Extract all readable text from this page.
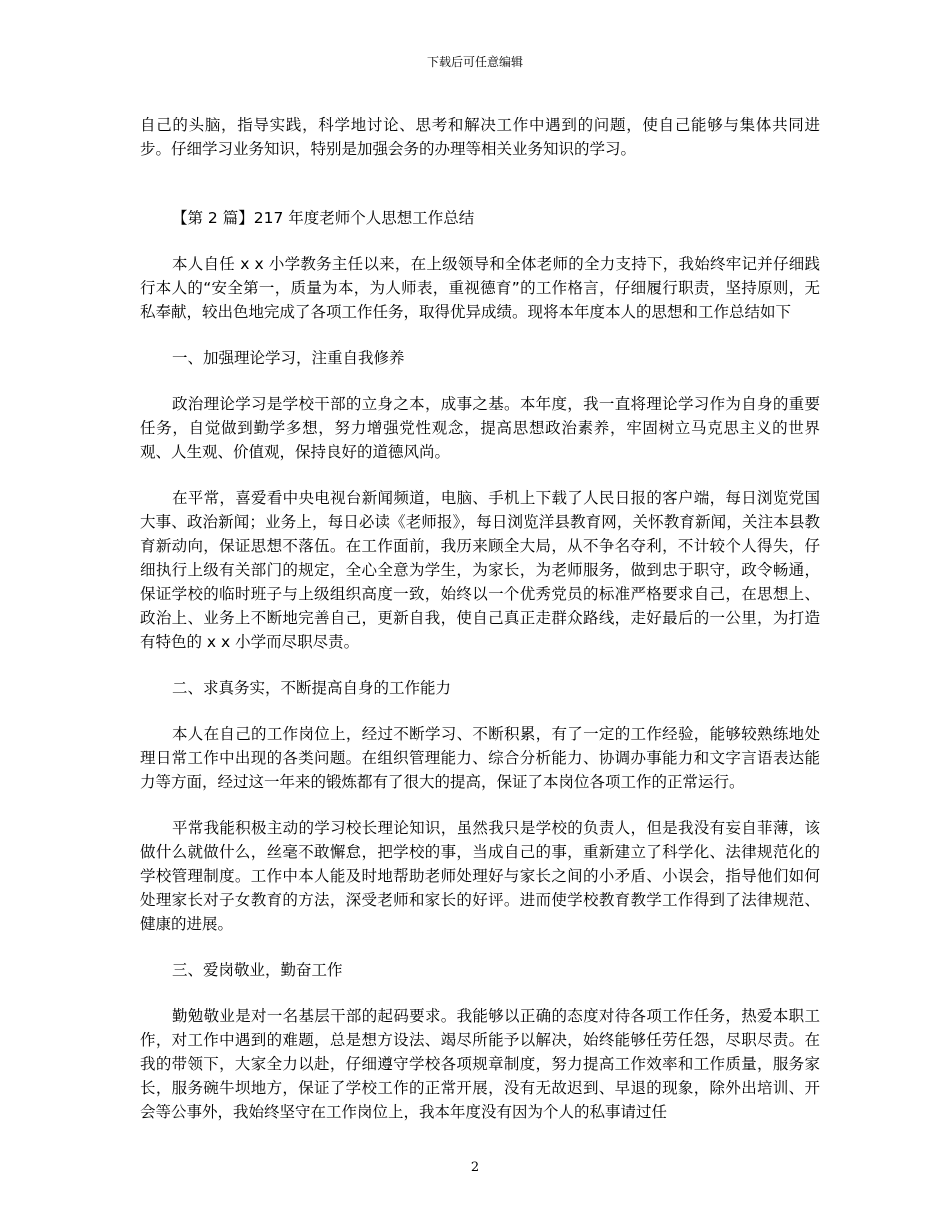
下载后可任意编辑

自己的头脑，指导实践，科学地讨论、思考和解决工作中遇到的问题，使自己能够与集体共同进步。仔细学习业务知识，特别是加强会务的办理等相关业务知识的学习。

【第 2 篇】217 年度老师个人思想工作总结

本人自任 x x 小学教务主任以来，在上级领导和全体老师的全力支持下，我始终牢记并仔细践行本人的“安全第一，质量为本，为人师表，重视德育”的工作格言，仔细履行职责，坚持原则，无私奉献，较出色地完成了各项工作任务，取得优异成绩。现将本年度本人的思想和工作总结如下

一、加强理论学习，注重自我修养

政治理论学习是学校干部的立身之本，成事之基。本年度，我一直将理论学习作为自身的重要任务，自觉做到勤学多想，努力增强党性观念，提高思想政治素养，牢固树立马克思主义的世界观、人生观、价值观，保持良好的道德风尚。

在平常，喜爱看中央电视台新闻频道，电脑、手机上下载了人民日报的客户端，每日浏览党国大事、政治新闻；业务上，每日必读《老师报》，每日浏览洋县教育网，关怀教育新闻，关注本县教育新动向，保证思想不落伍。在工作面前，我历来顾全大局，从不争名夺利，不计较个人得失，仔细执行上级有关部门的规定，全心全意为学生，为家长，为老师服务，做到忠于职守，政令畅通，保证学校的临时班子与上级组织高度一致，始终以一个优秀党员的标准严格要求自己，在思想上、政治上、业务上不断地完善自己，更新自我，使自己真正走群众路线，走好最后的一公里，为打造有特色的 x x 小学而尽职尽责。

二、求真务实，不断提高自身的工作能力

本人在自己的工作岗位上，经过不断学习、不断积累，有了一定的工作经验，能够较熟练地处理日常工作中出现的各类问题。在组织管理能力、综合分析能力、协调办事能力和文字言语表达能力等方面，经过这一年来的锻炼都有了很大的提高，保证了本岗位各项工作的正常运行。

平常我能积极主动的学习校长理论知识，虽然我只是学校的负责人，但是我没有妄自菲薄，该做什么就做什么，丝毫不敢懈怠，把学校的事，当成自己的事，重新建立了科学化、法律规范化的学校管理制度。工作中本人能及时地帮助老师处理好与家长之间的小矛盾、小误会，指导他们如何处理家长对子女教育的方法，深受老师和家长的好评。进而使学校教育教学工作得到了法律规范、健康的进展。

三、爱岗敬业，勤奋工作

勤勉敬业是对一名基层干部的起码要求。我能够以正确的态度对待各项工作任务，热爱本职工作，对工作中遇到的难题，总是想方设法、竭尽所能予以解决，始终能够任劳任怨，尽职尽责。在我的带领下，大家全力以赴，仔细遵守学校各项规章制度，努力提高工作效率和工作质量，服务家长，服务碗牛坝地方，保证了学校工作的正常开展，没有无故迟到、早退的现象，除外出培训、开会等公事外，我始终坚守在工作岗位上，我本年度没有因为个人的私事请过任

2
